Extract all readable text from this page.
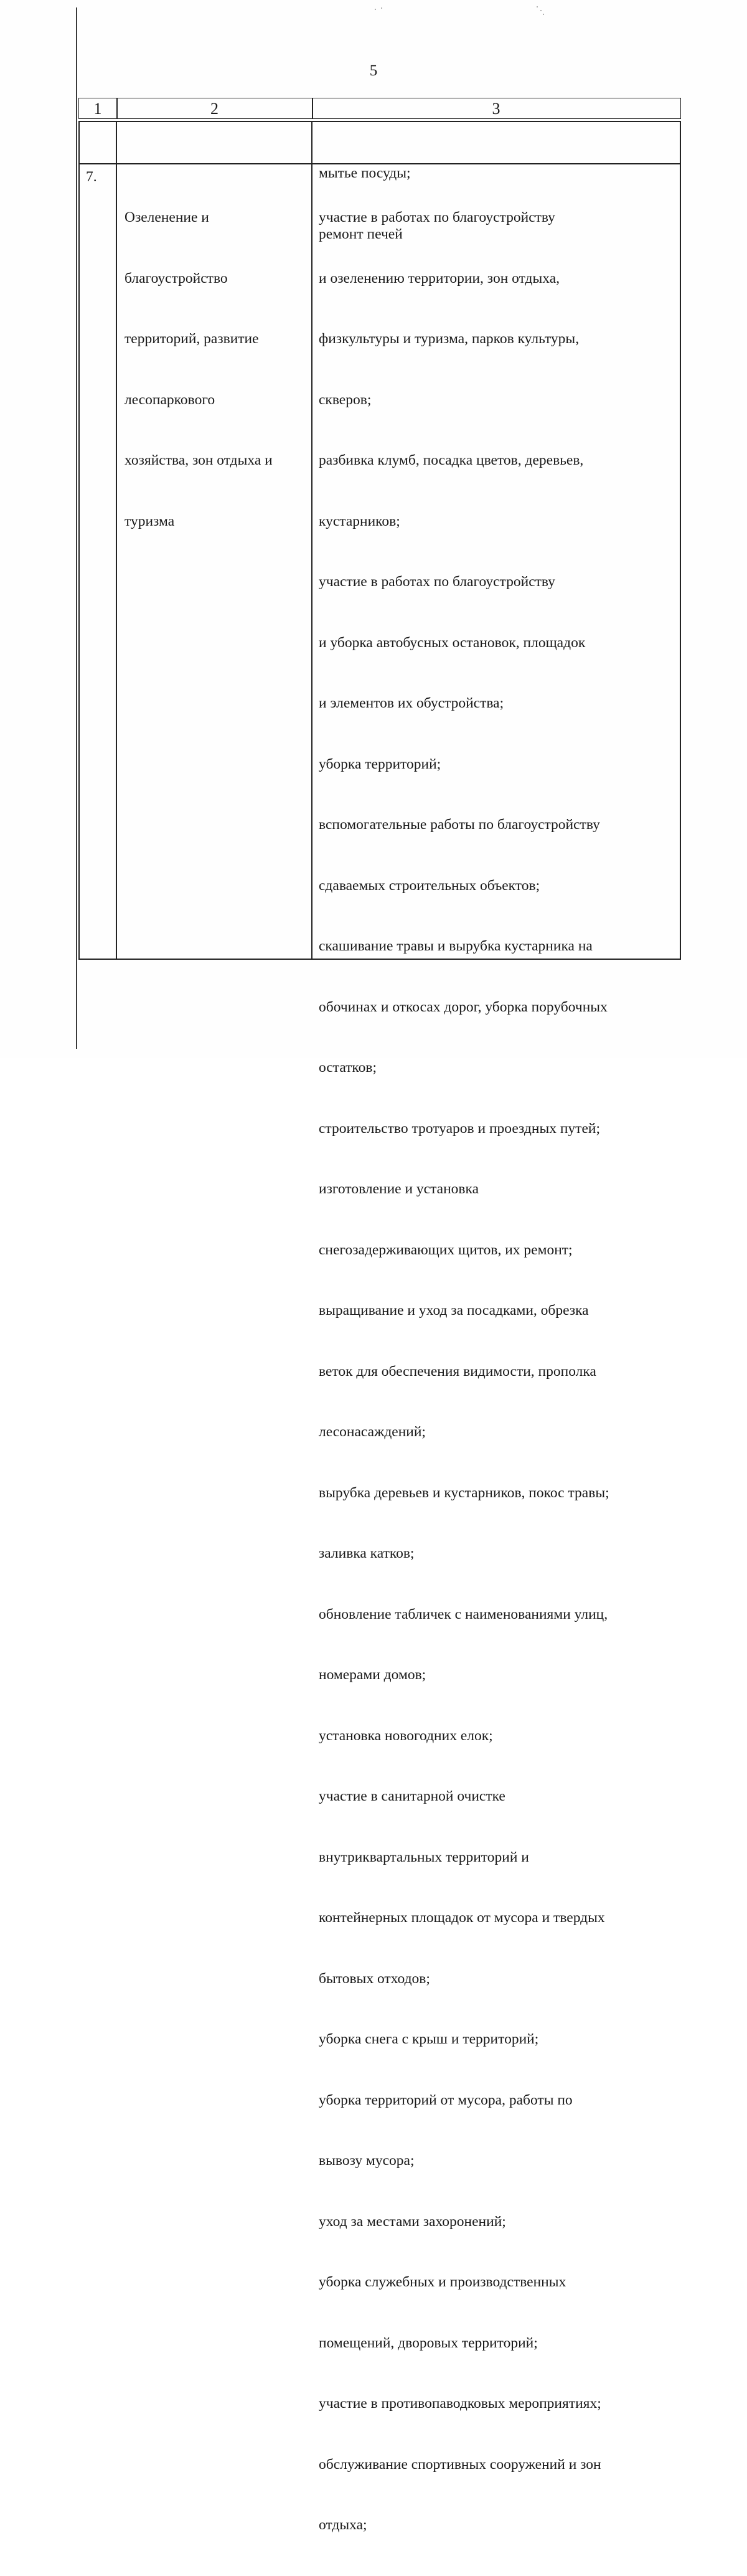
5
1	2	3

мытье посуды;

ремонт печей

7.

Озеленение и

благоустройство

территорий, развитие

лесопаркового

хозяйства, зон отдыха и

туризма

участие в работах по благоустройству

и озеленению территории, зон отдыха,

физкультуры и туризма, парков культуры,

скверов;

разбивка клумб, посадка цветов, деревьев,

кустарников;

участие в работах по благоустройству

и уборка автобусных остановок, площадок

и элементов их обустройства;

уборка территорий;

вспомогательные работы по благоустройству

сдаваемых строительных объектов;

скашивание травы и вырубка кустарника на

обочинах и откосах дорог, уборка порубочных

остатков;

строительство тротуаров и проездных путей;

изготовление и установка

снегозадерживающих щитов, их ремонт;

выращивание и уход за посадками, обрезка

веток для обеспечения видимости, прополка

лесонасаждений;

вырубка деревьев и кустарников, покос травы;

заливка катков;

обновление табличек с наименованиями улиц,

номерами домов;

установка новогодних елок;

участие в санитарной очистке

внутриквартальных территорий и

контейнерных площадок от мусора и твердых

бытовых отходов;

уборка снега с крыш и территорий;

уборка территорий от мусора, работы по

вывозу мусора;

уход за местами захоронений;

уборка служебных и производственных

помещений, дворовых территорий;

участие в противопаводковых мероприятиях;

обслуживание спортивных сооружений и зон

отдыха;
